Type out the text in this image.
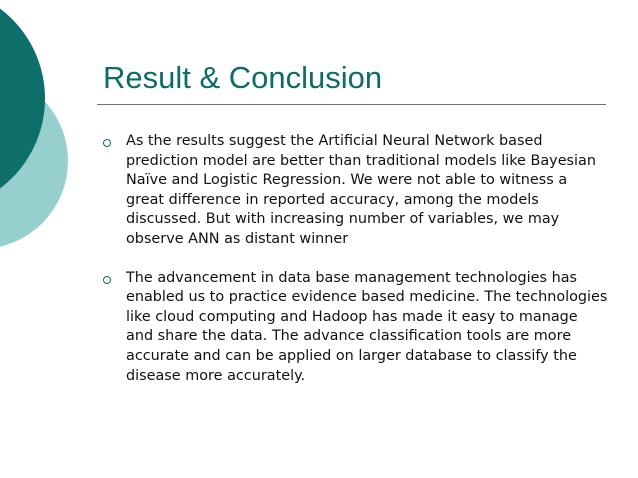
Result & Conclusion
As the results suggest the Artificial Neural Network based prediction model are better than traditional models like Bayesian Naïve and Logistic Regression. We were not able to witness a great difference in reported accuracy, among the models discussed. But with increasing number of variables, we may observe ANN as distant winner
The advancement in data base management technologies has enabled us to practice evidence based medicine. The technologies like cloud computing and Hadoop has made it easy to manage and share the data. The advance classification tools are more accurate and can be applied on larger database to classify the disease more accurately.
